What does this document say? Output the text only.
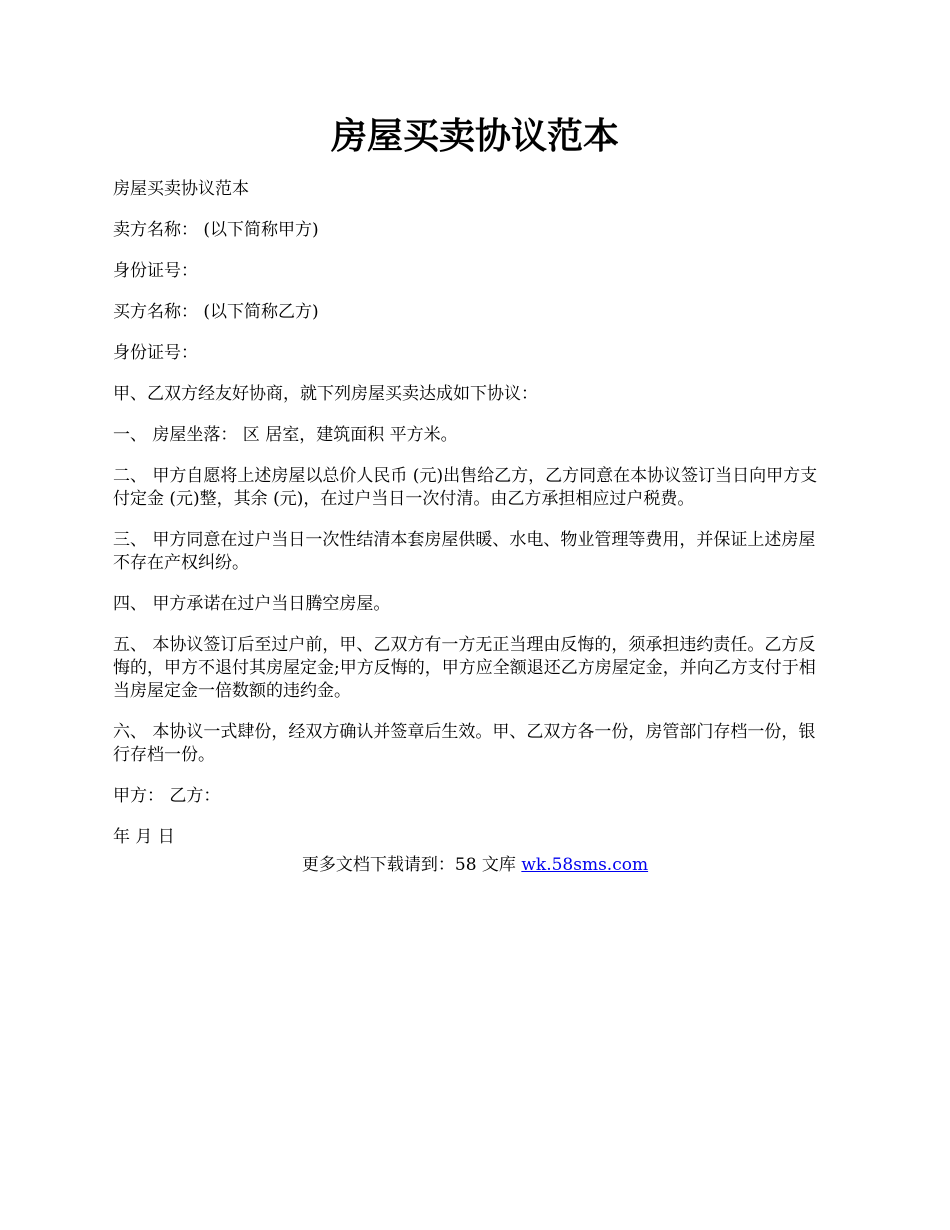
房屋买卖协议范本

房屋买卖协议范本

卖方名称： (以下简称甲方)

身份证号：

买方名称： (以下简称乙方)

身份证号：

甲、乙双方经友好协商，就下列房屋买卖达成如下协议：

一、 房屋坐落： 区 居室，建筑面积 平方米。

二、 甲方自愿将上述房屋以总价人民币 (元)出售给乙方，乙方同意在本协议签订当日向甲方支付定金 (元)整，其余 (元)，在过户当日一次付清。由乙方承担相应过户税费。

三、 甲方同意在过户当日一次性结清本套房屋供暖、水电、物业管理等费用，并保证上述房屋不存在产权纠纷。

四、 甲方承诺在过户当日腾空房屋。

五、 本协议签订后至过户前，甲、乙双方有一方无正当理由反悔的，须承担违约责任。乙方反悔的，甲方不退付其房屋定金;甲方反悔的，甲方应全额退还乙方房屋定金，并向乙方支付于相当房屋定金一倍数额的违约金。

六、 本协议一式肆份，经双方确认并签章后生效。甲、乙双方各一份，房管部门存档一份，银行存档一份。

甲方： 乙方：

年 月 日

更多文档下载请到：58 文库 wk.58sms.com
